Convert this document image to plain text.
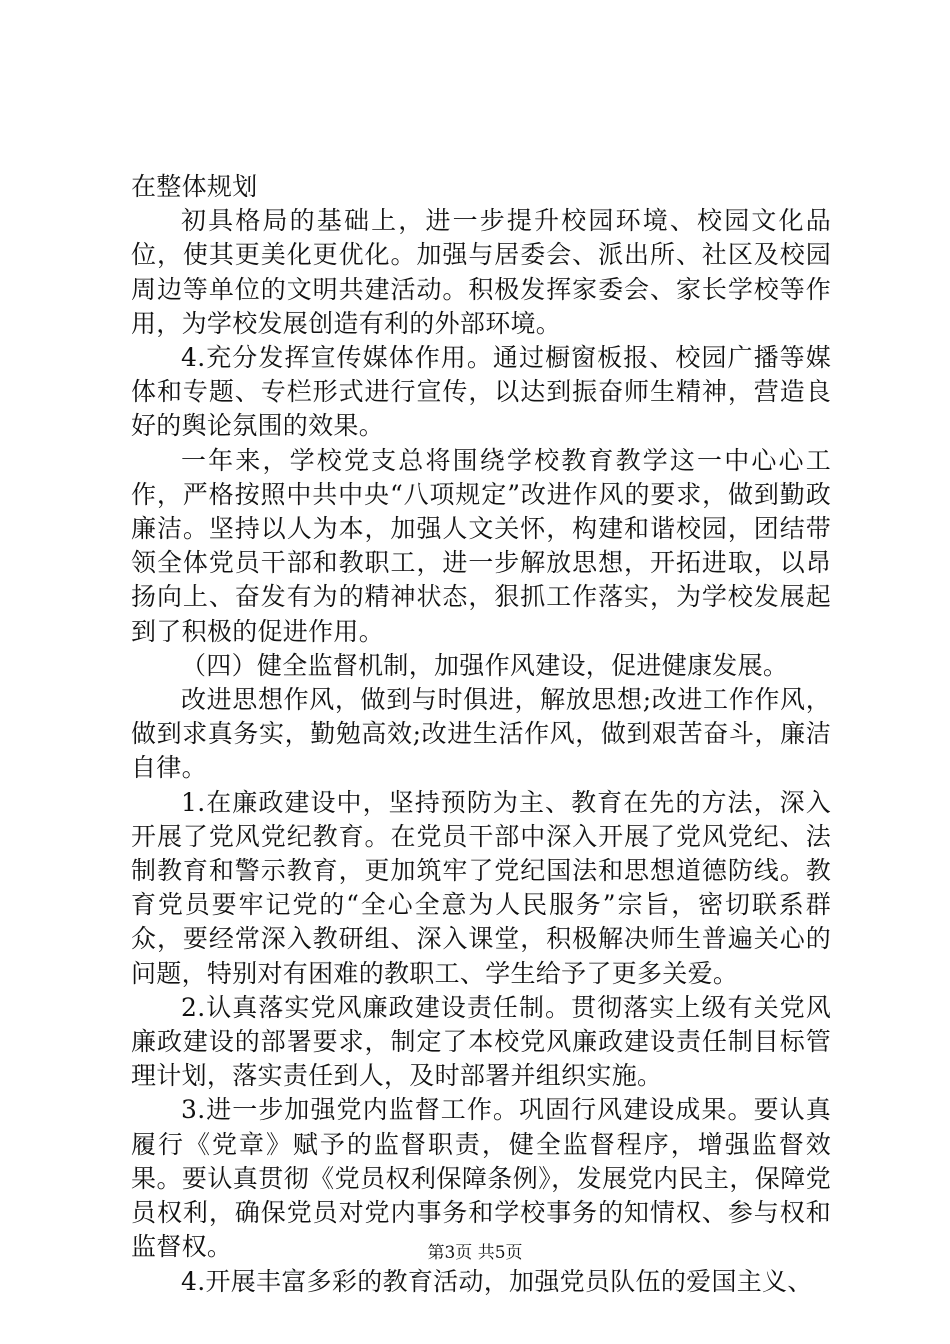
在整体规划

初具格局的基础上，进一步提升校园环境、校园文化品位，使其更美化更优化。加强与居委会、派出所、社区及校园周边等单位的文明共建活动。积极发挥家委会、家长学校等作用，为学校发展创造有利的外部环境。

4.充分发挥宣传媒体作用。通过橱窗板报、校园广播等媒体和专题、专栏形式进行宣传，以达到振奋师生精神，营造良好的舆论氛围的效果。

一年来，学校党支总将围绕学校教育教学这一中心心工作，严格按照中共中央“八项规定”改进作风的要求，做到勤政廉洁。坚持以人为本，加强人文关怀，构建和谐校园，团结带领全体党员干部和教职工，进一步解放思想，开拓进取，以昂扬向上、奋发有为的精神状态，狠抓工作落实，为学校发展起到了积极的促进作用。

（四）健全监督机制，加强作风建设，促进健康发展。

改进思想作风，做到与时俱进，解放思想;改进工作作风，做到求真务实，勤勉高效;改进生活作风，做到艰苦奋斗，廉洁自律。

1.在廉政建设中，坚持预防为主、教育在先的方法，深入开展了党风党纪教育。在党员干部中深入开展了党风党纪、法制教育和警示教育，更加筑牢了党纪国法和思想道德防线。教育党员要牢记党的“全心全意为人民服务”宗旨，密切联系群众，要经常深入教研组、深入课堂，积极解决师生普遍关心的问题，特别对有困难的教职工、学生给予了更多关爱。

2.认真落实党风廉政建设责任制。贯彻落实上级有关党风廉政建设的部署要求，制定了本校党风廉政建设责任制目标管理计划，落实责任到人，及时部署并组织实施。

3.进一步加强党内监督工作。巩固行风建设成果。要认真履行《党章》赋予的监督职责，健全监督程序，增强监督效果。要认真贯彻《党员权利保障条例》，发展党内民主，保障党员权利，确保党员对党内事务和学校事务的知情权、参与权和监督权。

4.开展丰富多彩的教育活动，加强党员队伍的爱国主义、

第3页 共5页
